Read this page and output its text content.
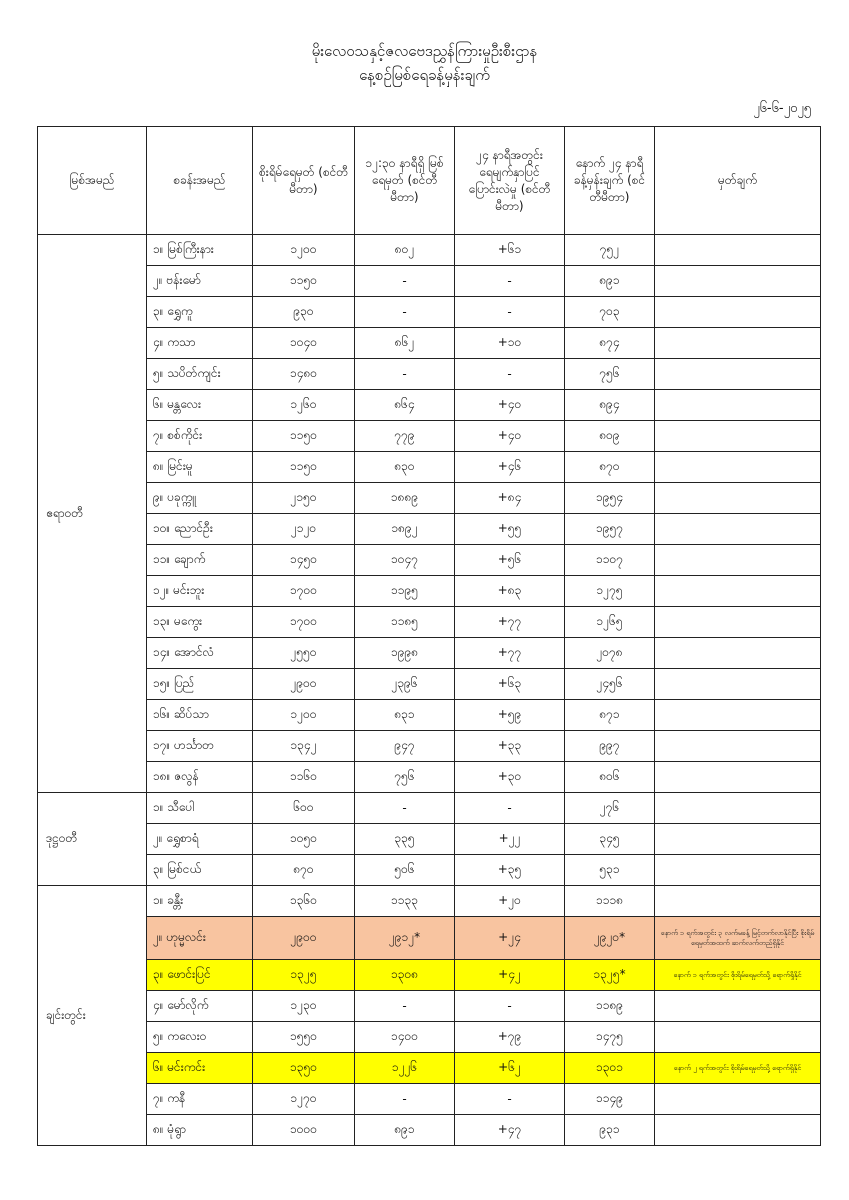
မိုးလေဝသနှင့်ဇလဗေဒညွှန်ကြားမှုဦးစီးဌာန
နေ့စဉ်မြစ်ရေခန့်မှန်းချက်
၂၆-၆-၂၀၂၅
မြစ်အမည်	စခန်းအမည်	စိုးရိမ်ရေမှတ် (စင်တီမီတာ)	၁၂:၃၀ နာရီရှိ မြစ်ရေမှတ် (စင်တီမီတာ)	၂၄ နာရီအတွင်း ရေမျက်နှာပြင် ပြောင်းလဲမှု (စင်တီမီတာ)	နောက် ၂၄ နာရီ ခန့်မှန်းချက် (စင်တီမီတာ)	မှတ်ချက်
ဧရာဝတီ	၁။ မြစ်ကြီးနား	၁၂၀၀	၈၀၂	+၆၁	၇၅၂	
	၂။ ဗန်းမော်	၁၁၅၀	-	-	၈၉၁	
	၃။ ရွှေကူ	၉၃၀	-	-	၇၀၃	
	၄။ ကသာ	၁၀၄၀	၈၆၂	+၁၀	၈၇၄	
	၅။ သပိတ်ကျင်း	၁၄၈၀	-	-	၇၅၆	
	၆။ မန္တလေး	၁၂၆၀	၈၆၄	+၄၀	၈၉၄	
	၇။ စစ်ကိုင်း	၁၁၅၀	၇၇၉	+၄၀	၈၀၉	
	၈။ မြင်းမူ	၁၁၅၀	၈၃၀	+၄၆	၈၇၀	
	၉။ ပခုက္ကူ	၂၁၅၀	၁၈၈၉	+၈၄	၁၉၅၄	
	၁၀။ ညောင်ဦး	၂၁၂၀	၁၈၉၂	+၅၅	၁၉၅၇	
	၁၁။ ချောက်	၁၄၅၀	၁၀၄၇	+၅၆	၁၁၀၇	
	၁၂။ မင်းဘူး	၁၇၀၀	၁၁၉၅	+၈၃	၁၂၇၅	
	၁၃။ မကွေး	၁၇၀၀	၁၁၈၅	+၇၇	၁၂၆၅	
	၁၄။ အောင်လံ	၂၅၅၀	၁၉၉၈	+၇၇	၂၀၇၈	
	၁၅။ ပြည်	၂၉၀၀	၂၃၉၆	+၆၃	၂၄၅၆	
	၁၆။ ဆိပ်သာ	၁၂၀၀	၈၃၁	+၅၉	၈၇၁	
	၁၇။ ဟင်္သာတ	၁၃၄၂	၉၄၇	+၃၃	၉၉၇	
	၁၈။ ဇလွန်	၁၁၆၀	၇၅၆	+၃၀	၈၀၆	
ဒုဋ္ဌဝတီ	၁။ သီပေါ	၆၀၀	-	-	၂၇၆	
	၂။ ရွှေစာရံ	၁၀၅၀	၃၃၅	+၂၂	၃၄၅	
	၃။ မြစ်ငယ်	၈၇၀	၅၀၆	+၃၅	၅၃၁	
ချင်းတွင်း	၁။ ခန္တီး	၁၃၆၀	၁၁၃၃	+၂၀	၁၁၁၈	
	၂။ ဟုမ္မလင်း	၂၉၀၀	၂၉၁၂*	+၂၄	၂၉၂၀*	နောက် ၁ ရက်အတွင်း ၃ လက်မခန့် မြင့်တက်လာနိုင်ပြီး စိုးရိမ်ရေမှတ်အထက် ဆက်လက်တည်ရှိနိုင်
	၃။ ဖောင်းပြင်	၁၃၂၅	၁၃၀၈	+၄၂	၁၃၂၅*	နောက် ၁ ရက်အတွင်း စိုးရိမ်ရေမှတ်သို့ ရောက်ရှိနိုင်
	၄။ မော်လိုက်	၁၂၃၀	-	-	၁၁၈၉	
	၅။ ကလေးဝ	၁၅၅၀	၁၄၀၀	+၇၉	၁၄၇၅	
	၆။ မင်းကင်း	၁၃၅၀	၁၂၂၆	+၆၂	၁၃၀၁	နောက် ၂ ရက်အတွင်း စိုးရိမ်ရေမှတ်သို့ ရောက်ရှိနိုင်
	၇။ ကနီ	၁၂၇၀	-	-	၁၁၄၉	
	၈။ မုံရွာ	၁၀၀၀	၈၉၁	+၄၇	၉၃၁	
